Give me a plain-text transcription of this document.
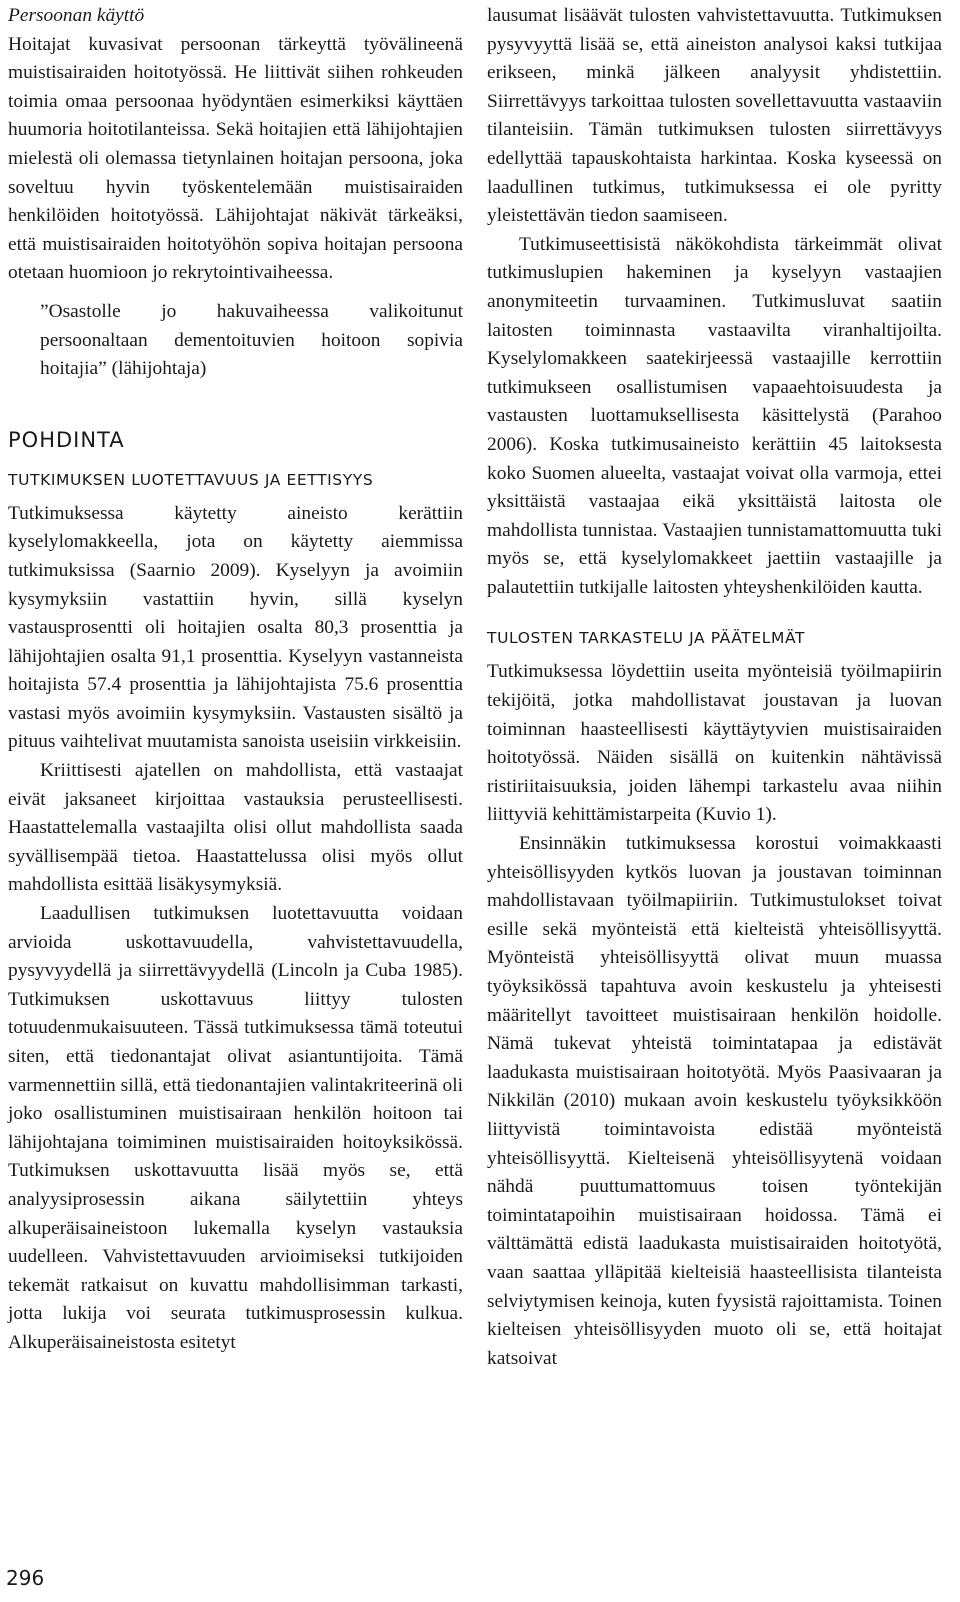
Persoonan käyttö

Hoitajat kuvasivat persoonan tärkeyttä työvälineenä muistisairaiden hoitotyössä. He liittivät siihen rohkeuden toimia omaa persoonaa hyödyntäen esimerkiksi käyttäen huumoria hoitotilanteissa. Sekä hoitajien että lähijohtajien mielestä oli olemassa tietynlainen hoitajan persoona, joka soveltuu hyvin työskentelemään muistisairaiden henkilöiden hoitotyössä. Lähijohtajat näkivät tärkeäksi, että muistisairaiden hoitotyöhön sopiva hoitajan persoona otetaan huomioon jo rekrytointivaiheessa.

”Osastolle jo hakuvaiheessa valikoitunut persoonaltaan dementoituvien hoitoon sopivia hoitajia” (lähijohtaja)

POHDINTA
TUTKIMUKSEN LUOTETTAVUUS JA EETTISYYS

Tutkimuksessa käytetty aineisto kerättiin kyselylomakkeella, jota on käytetty aiemmissa tutkimuksissa (Saarnio 2009). Kyselyyn ja avoimiin kysymyksiin vastattiin hyvin, sillä kyselyn vastausprosentti oli hoitajien osalta 80,3 prosenttia ja lähijohtajien osalta 91,1 prosenttia. Kyselyyn vastanneista hoitajista 57.4 prosenttia ja lähijohtajista 75.6 prosenttia vastasi myös avoimiin kysymyksiin. Vastausten sisältö ja pituus vaihtelivat muutamista sanoista useisiin virkkeisiin.

Kriittisesti ajatellen on mahdollista, että vastaajat eivät jaksaneet kirjoittaa vastauksia perusteellisesti. Haastattelemalla vastaajilta olisi ollut mahdollista saada syvällisempää tietoa. Haastattelussa olisi myös ollut mahdollista esittää lisäkysymyksiä.

Laadullisen tutkimuksen luotettavuutta voidaan arvioida uskottavuudella, vahvistettavuudella, pysyvyydellä ja siirrettävyydellä (Lincoln ja Cuba 1985). Tutkimuksen uskottavuus liittyy tulosten totuudenmukaisuuteen. Tässä tutkimuksessa tämä toteutui siten, että tiedonantajat olivat asiantuntijoita. Tämä varmennettiin sillä, että tiedonantajien valintakriteerinä oli joko osallistuminen muistisairaan henkilön hoitoon tai lähijohtajana toimiminen muistisairaiden hoitoyksikössä. Tutkimuksen uskottavuutta lisää myös se, että analyysiprosessin aikana säilytettiin yhteys alkuperäisaineistoon lukemalla kyselyn vastauksia uudelleen. Vahvistettavuuden arvioimiseksi tutkijoiden tekemät ratkaisut on kuvattu mahdollisimman tarkasti, jotta lukija voi seurata tutkimusprosessin kulkua. Alkuperäisaineistosta esitetyt

lausumat lisäävät tulosten vahvistettavuutta. Tutkimuksen pysyvyyttä lisää se, että aineiston analysoi kaksi tutkijaa erikseen, minkä jälkeen analyysit yhdistettiin. Siirrettävyys tarkoittaa tulosten sovellettavuutta vastaaviin tilanteisiin. Tämän tutkimuksen tulosten siirrettävyys edellyttää tapauskohtaista harkintaa. Koska kyseessä on laadullinen tutkimus, tutkimuksessa ei ole pyritty yleistettävän tiedon saamiseen.

Tutkimuseettisistä näkökohdista tärkeimmät olivat tutkimuslupien hakeminen ja kyselyyn vastaajien anonymiteetin turvaaminen. Tutkimusluvat saatiin laitosten toiminnasta vastaavilta viranhaltijoilta. Kyselylomakkeen saatekirjeessä vastaajille kerrottiin tutkimukseen osallistumisen vapaaehtoisuudesta ja vastausten luottamuksellisesta käsittelystä (Parahoo 2006). Koska tutkimusaineisto kerättiin 45 laitoksesta koko Suomen alueelta, vastaajat voivat olla varmoja, ettei yksittäistä vastaajaa eikä yksittäistä laitosta ole mahdollista tunnistaa. Vastaajien tunnistamattomuutta tuki myös se, että kyselylomakkeet jaettiin vastaajille ja palautettiin tutkijalle laitosten yhteyshenkilöiden kautta.

TULOSTEN TARKASTELU JA PÄÄTELMÄT

Tutkimuksessa löydettiin useita myönteisiä työilmapiirin tekijöitä, jotka mahdollistavat joustavan ja luovan toiminnan haasteellisesti käyttäytyvien muistisairaiden hoitotyössä. Näiden sisällä on kuitenkin nähtävissä ristiriitaisuuksia, joiden lähempi tarkastelu avaa niihin liittyviä kehittämistarpeita (Kuvio 1).

Ensinnäkin tutkimuksessa korostui voimakkaasti yhteisöllisyyden kytkös luovan ja joustavan toiminnan mahdollistavaan työilmapiiriin. Tutkimustulokset toivat esille sekä myönteistä että kielteistä yhteisöllisyyttä. Myönteistä yhteisöllisyyttä olivat muun muassa työyksikössä tapahtuva avoin keskustelu ja yhteisesti määritellyt tavoitteet muistisairaan henkilön hoidolle. Nämä tukevat yhteistä toimintatapaa ja edistävät laadukasta muistisairaan hoitotyötä. Myös Paasivaaran ja Nikkilän (2010) mukaan avoin keskustelu työyksikköön liittyvistä toimintavoista edistää myönteistä yhteisöllisyyttä. Kielteisenä yhteisöllisyytenä voidaan nähdä puuttumattomuus toisen työntekijän toimintatapoihin muistisairaan hoidossa. Tämä ei välttämättä edistä laadukasta muistisairaiden hoitotyötä, vaan saattaa ylläpitää kielteisiä haasteellisista tilanteista selviytymisen keinoja, kuten fyysistä rajoittamista. Toinen kielteisen yhteisöllisyyden muoto oli se, että hoitajat katsoivat

296
